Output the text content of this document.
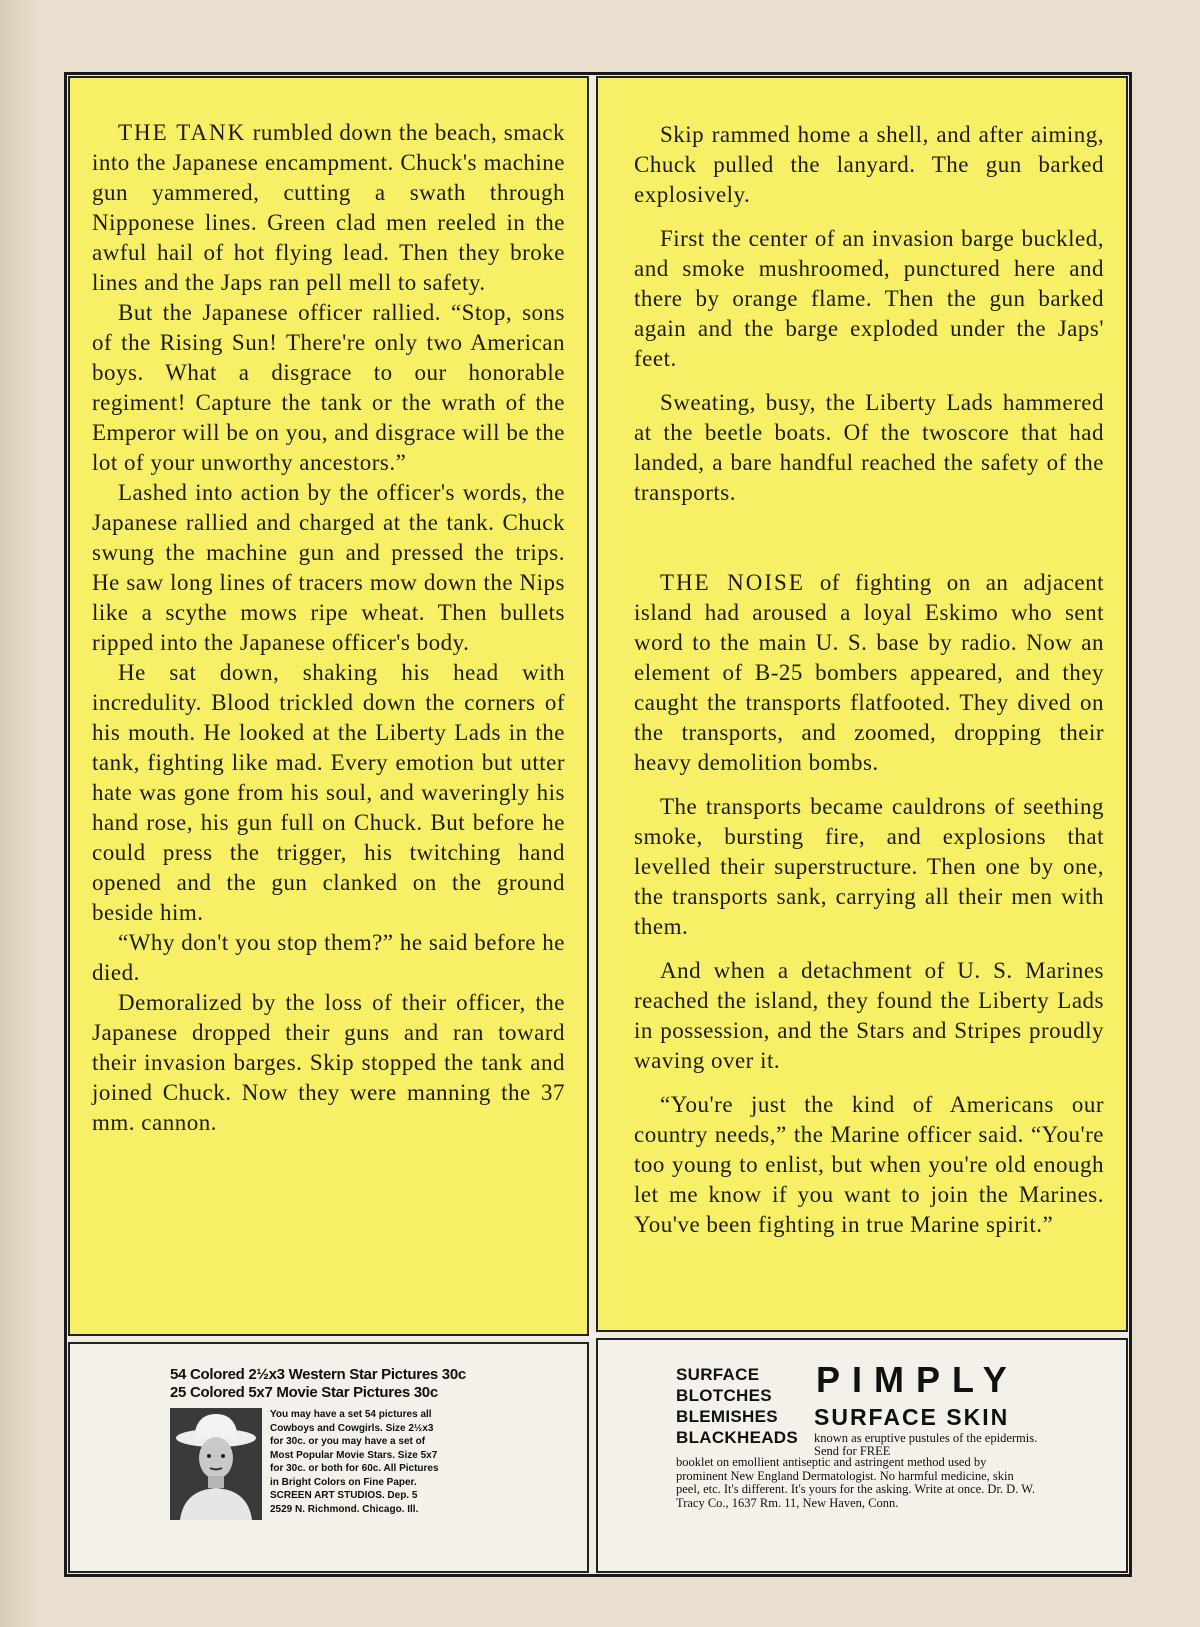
THE TANK rumbled down the beach, smack into the Japanese encampment. Chuck's machine gun yammered, cutting a swath through Nipponese lines. Green clad men reeled in the awful hail of hot flying lead. Then they broke lines and the Japs ran pell mell to safety.

But the Japanese officer rallied. “Stop, sons of the Rising Sun! There're only two American boys. What a disgrace to our honorable regiment! Capture the tank or the wrath of the Emperor will be on you, and disgrace will be the lot of your unworthy ancestors.”

Lashed into action by the officer's words, the Japanese rallied and charged at the tank. Chuck swung the machine gun and pressed the trips. He saw long lines of tracers mow down the Nips like a scythe mows ripe wheat. Then bullets ripped into the Japanese officer's body.

He sat down, shaking his head with incredulity. Blood trickled down the corners of his mouth. He looked at the Liberty Lads in the tank, fighting like mad. Every emotion but utter hate was gone from his soul, and waveringly his hand rose, his gun full on Chuck. But before he could press the trigger, his twitching hand opened and the gun clanked on the ground beside him.

“Why don't you stop them?” he said before he died.

Demoralized by the loss of their officer, the Japanese dropped their guns and ran toward their invasion barges. Skip stopped the tank and joined Chuck. Now they were manning the 37 mm. cannon.

Skip rammed home a shell, and after aiming, Chuck pulled the lanyard. The gun barked explosively.

First the center of an invasion barge buckled, and smoke mushroomed, punctured here and there by orange flame. Then the gun barked again and the barge exploded under the Japs' feet.

Sweating, busy, the Liberty Lads hammered at the beetle boats. Of the twoscore that had landed, a bare handful reached the safety of the transports.

THE NOISE of fighting on an adjacent island had aroused a loyal Eskimo who sent word to the main U. S. base by radio. Now an element of B-25 bombers appeared, and they caught the transports flatfooted. They dived on the transports, and zoomed, dropping their heavy demolition bombs.

The transports became cauldrons of seething smoke, bursting fire, and explosions that levelled their superstructure. Then one by one, the transports sank, carrying all their men with them.

And when a detachment of U. S. Marines reached the island, they found the Liberty Lads in possession, and the Stars and Stripes proudly waving over it.

“You're just the kind of Americans our country needs,” the Marine officer said. “You're too young to enlist, but when you're old enough let me know if you want to join the Marines. You've been fighting in true Marine spirit.”

54 Colored 2½x3 Western Star Pictures 30c
25 Colored 5x7 Movie Star Pictures 30c
You may have a set 54 pictures all
Cowboys and Cowgirls. Size 2½x3
for 30c. or you may have a set of
Most Popular Movie Stars. Size 5x7
for 30c. or both for 60c. All Pictures
in Bright Colors on Fine Paper.
SCREEN ART STUDIOS. Dep. 5
2529 N. Richmond. Chicago. Ill.
SURFACE
BLOTCHES
BLEMISHES
BLACKHEADS
PIMPLY
SURFACE SKIN
known as eruptive pustules of the epidermis. Send for FREE
booklet on emollient antiseptic and astringent method used by prominent New England Dermatologist. No harmful medicine, skin peel, etc. It's different. It's yours for the asking. Write at once. Dr. D. W. Tracy Co., 1637 Rm. 11, New Haven, Conn.
